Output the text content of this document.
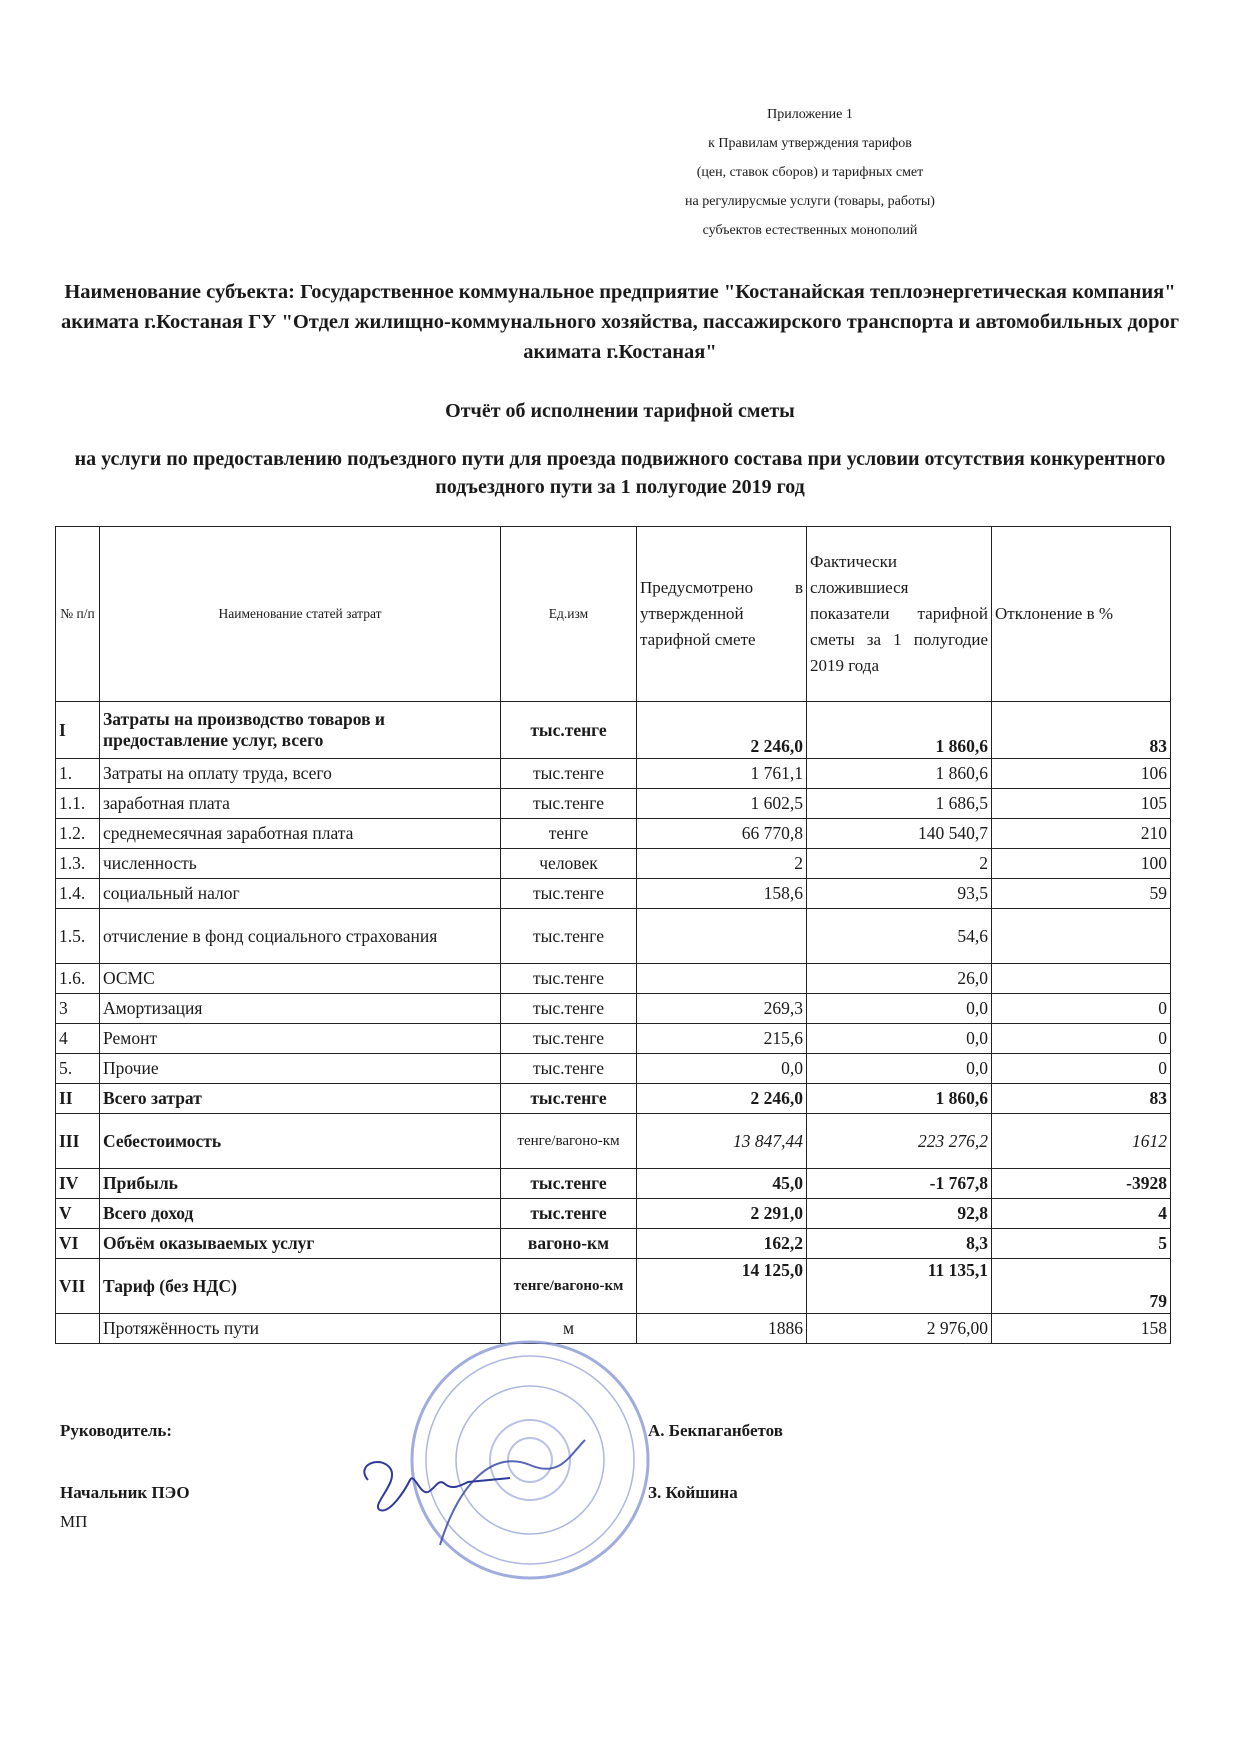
Приложение 1
к Правилам утверждения тарифов
(цен, ставок сборов) и тарифных смет
на регулирусмые услуги (товары, работы)
субъектов естественных монополий
Наименование субъекта: Государственное коммунальное предприятие "Костанайская теплоэнергетическая компания" акимата г.Костаная ГУ "Отдел жилищно-коммунального хозяйства, пассажирского транспорта и автомобильных дорог акимата г.Костаная"
Отчёт об исполнении тарифной сметы
на услуги по предоставлению подъездного пути для проезда подвижного состава при условии отсутствия конкурентного подъездного пути за 1 полугодие 2019 год
№ п/п	Наименование статей затрат	Ед.изм	Предусмотрено в утвержденной тарифной смете	Фактически сложившиеся показатели тарифной сметы за 1 полугодие 2019 года	Отклонение в %
I	Затраты на производство товаров и предоставление услуг, всего	тыс.тенге	2 246,0	1 860,6	83
1.	Затраты на оплату труда, всего	тыс.тенге	1 761,1	1 860,6	106
1.1.	заработная плата	тыс.тенге	1 602,5	1 686,5	105
1.2.	среднемесячная заработная плата	тенге	66 770,8	140 540,7	210
1.3.	численность	человек	2	2	100
1.4.	социальный налог	тыс.тенге	158,6	93,5	59
1.5.	отчисление в фонд социального страхования	тыс.тенге		54,6	
1.6.	ОСМС	тыс.тенге		26,0	
3	Амортизация	тыс.тенге	269,3	0,0	0
4	Ремонт	тыс.тенге	215,6	0,0	0
5.	Прочие	тыс.тенге	0,0	0,0	0
II	Всего затрат	тыс.тенге	2 246,0	1 860,6	83
III	Себестоимость	тенге/вагоно-км	13 847,44	223 276,2	1612
IV	Прибыль	тыс.тенге	45,0	-1 767,8	-3928
V	Всего доход	тыс.тенге	2 291,0	92,8	4
VI	Объём оказываемых услуг	вагоно-км	162,2	8,3	5
VII	Тариф (без НДС)	тенге/вагоно-км	14 125,0	11 135,1	79
	Протяжённость пути	м	1886	2 976,00	158
Руководитель:	А. Бекпаганбетов
Начальник ПЭО	З. Койшина
МП
